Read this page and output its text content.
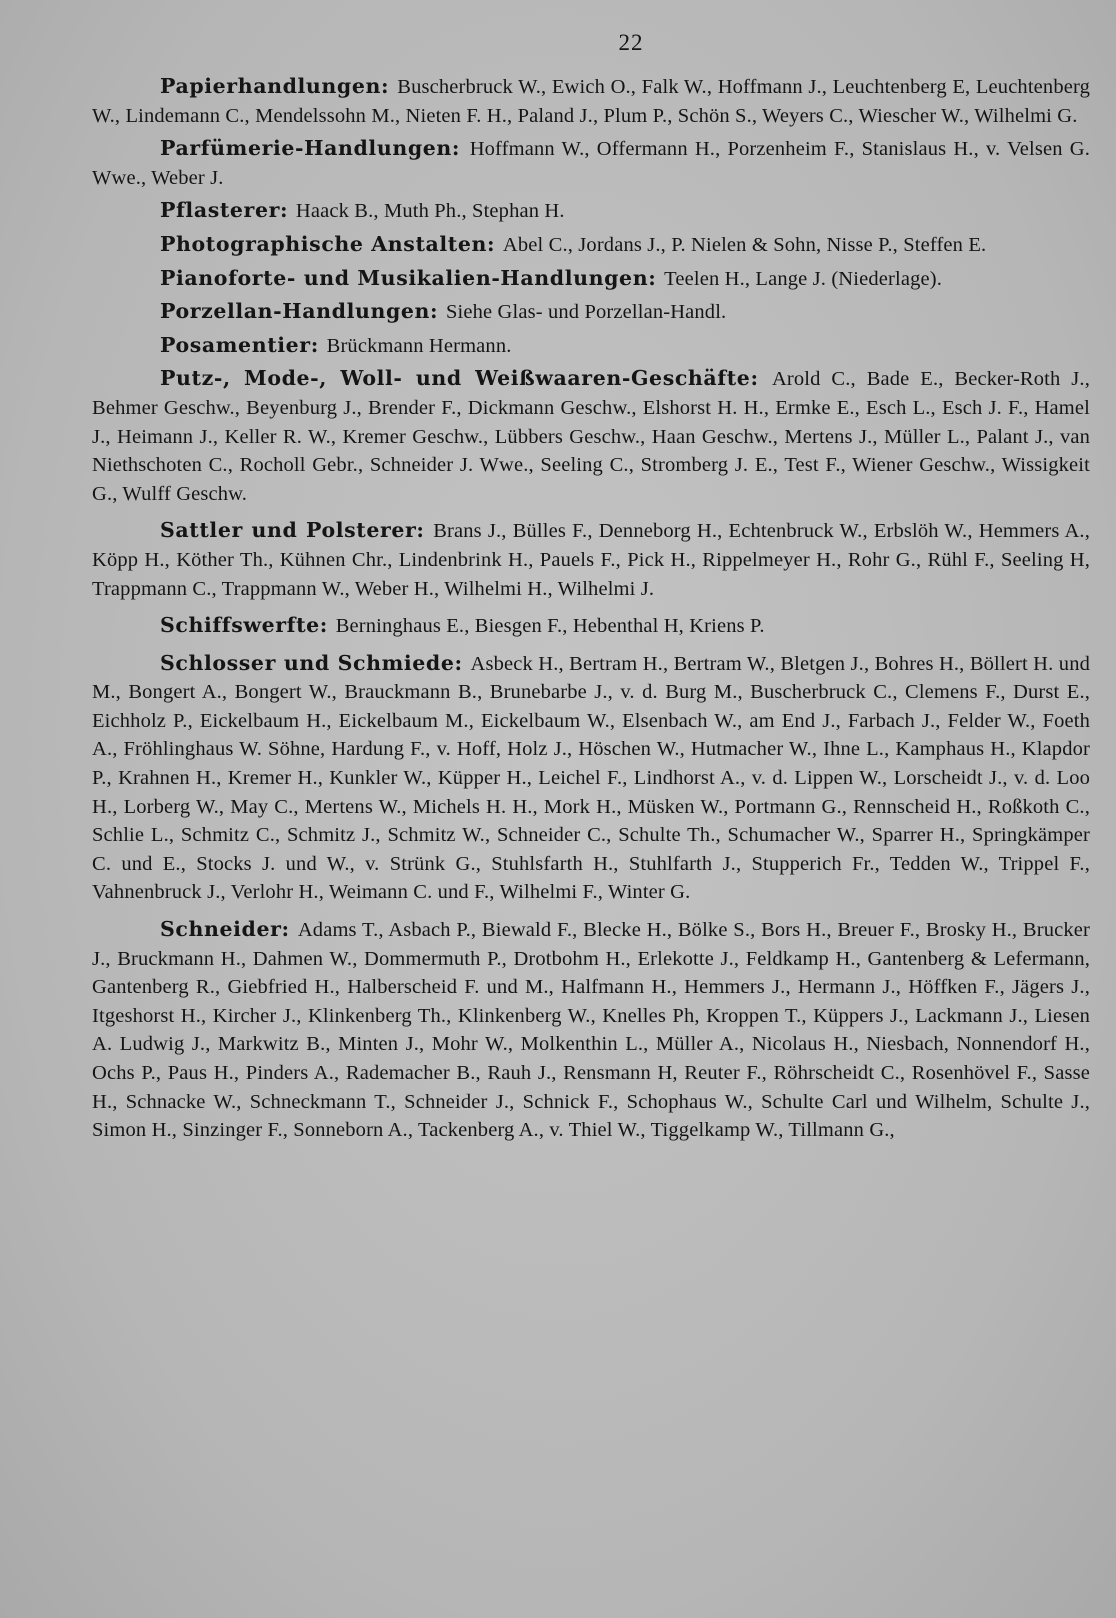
22

Papierhandlungen: Buscherbruck W., Ewich O., Falk W., Hoffmann J., Leuchtenberg E, Leuchtenberg W., Lindemann C., Mendelssohn M., Nieten F. H., Paland J., Plum P., Schön S., Weyers C., Wiescher W., Wilhelmi G.

Parfümerie-Handlungen: Hoffmann W., Offermann H., Porzenheim F., Stanislaus H., v. Velsen G. Wwe., Weber J.

Pflasterer: Haack B., Muth Ph., Stephan H.

Photographische Anstalten: Abel C., Jordans J., P. Nielen & Sohn, Nisse P., Steffen E.

Pianoforte- und Musikalien-Handlungen: Teelen H., Lange J. (Niederlage).

Porzellan-Handlungen: Siehe Glas- und Porzellan-Handl.

Posamentier: Brückmann Hermann.

Putz-, Mode-, Woll- und Weißwaaren-Geschäfte: Arold C., Bade E., Becker-Roth J., Behmer Geschw., Beyenburg J., Brender F., Dickmann Geschw., Elshorst H. H., Ermke E., Esch L., Esch J. F., Hamel J., Heimann J., Keller R. W., Kremer Geschw., Lübbers Geschw., Haan Geschw., Mertens J., Müller L., Palant J., van Niethschoten C., Rocholl Gebr., Schneider J. Wwe., Seeling C., Stromberg J. E., Test F., Wiener Geschw., Wissigkeit G., Wulff Geschw.

Sattler und Polsterer: Brans J., Bülles F., Denneborg H., Echtenbruck W., Erbslöh W., Hemmers A., Köpp H., Köther Th., Kühnen Chr., Lindenbrink H., Pauels F., Pick H., Rippelmeyer H., Rohr G., Rühl F., Seeling H, Trappmann C., Trappmann W., Weber H., Wilhelmi H., Wilhelmi J.

Schiffswerfte: Berninghaus E., Biesgen F., Hebenthal H, Kriens P.

Schlosser und Schmiede: Asbeck H., Bertram H., Bertram W., Bletgen J., Bohres H., Böllert H. und M., Bongert A., Bongert W., Brauckmann B., Brunebarbe J., v. d. Burg M., Buscherbruck C., Clemens F., Durst E., Eichholz P., Eickelbaum H., Eickelbaum M., Eickelbaum W., Elsenbach W., am End J., Farbach J., Felder W., Foeth A., Fröhlinghaus W. Söhne, Hardung F., v. Hoff, Holz J., Höschen W., Hutmacher W., Ihne L., Kamphaus H., Klapdor P., Krahnen H., Kremer H., Kunkler W., Küpper H., Leichel F., Lindhorst A., v. d. Lippen W., Lorscheidt J., v. d. Loo H., Lorberg W., May C., Mertens W., Michels H. H., Mork H., Müsken W., Portmann G., Rennscheid H., Roßkoth C., Schlie L., Schmitz C., Schmitz J., Schmitz W., Schneider C., Schulte Th., Schumacher W., Sparrer H., Springkämper C. und E., Stocks J. und W., v. Strünk G., Stuhlsfarth H., Stuhlfarth J., Stupperich Fr., Tedden W., Trippel F., Vahnenbruck J., Verlohr H., Weimann C. und F., Wilhelmi F., Winter G.

Schneider: Adams T., Asbach P., Biewald F., Blecke H., Bölke S., Bors H., Breuer F., Brosky H., Brucker J., Bruckmann H., Dahmen W., Dommermuth P., Drotbohm H., Erlekotte J., Feldkamp H., Gantenberg & Lefermann, Gantenberg R., Giebfried H., Halberscheid F. und M., Halfmann H., Hemmers J., Hermann J., Höffken F., Jägers J., Itgeshorst H., Kircher J., Klinkenberg Th., Klinkenberg W., Knelles Ph, Kroppen T., Küppers J., Lackmann J., Liesen A. Ludwig J., Markwitz B., Minten J., Mohr W., Molkenthin L., Müller A., Nicolaus H., Niesbach, Nonnendorf H., Ochs P., Paus H., Pinders A., Rademacher B., Rauh J., Rensmann H, Reuter F., Röhrscheidt C., Rosenhövel F., Sasse H., Schnacke W., Schneckmann T., Schneider J., Schnick F., Schophaus W., Schulte Carl und Wilhelm, Schulte J., Simon H., Sinzinger F., Sonneborn A., Tackenberg A., v. Thiel W., Tiggelkamp W., Tillmann G.,
